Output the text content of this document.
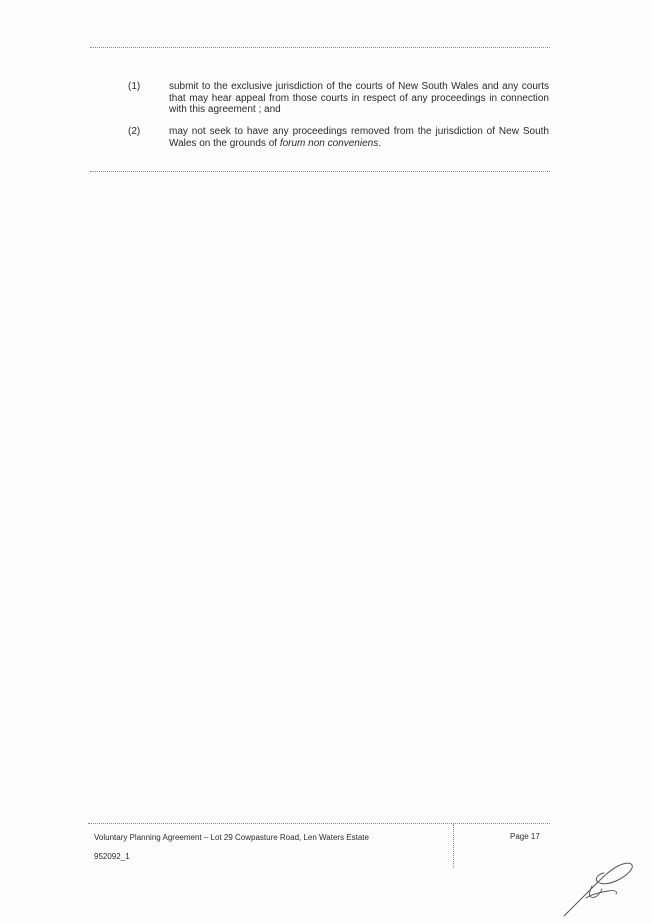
(1)	submit to the exclusive jurisdiction of the courts of New South Wales and any courts that may hear appeal from those courts in respect of any proceedings in connection with this agreement ; and
(2)	may not seek to have any proceedings removed from the jurisdiction of New South Wales on the grounds of forum non conveniens.
Voluntary Planning Agreement – Lot 29 Cowpasture Road, Len Waters Estate
952092_1
Page 17
